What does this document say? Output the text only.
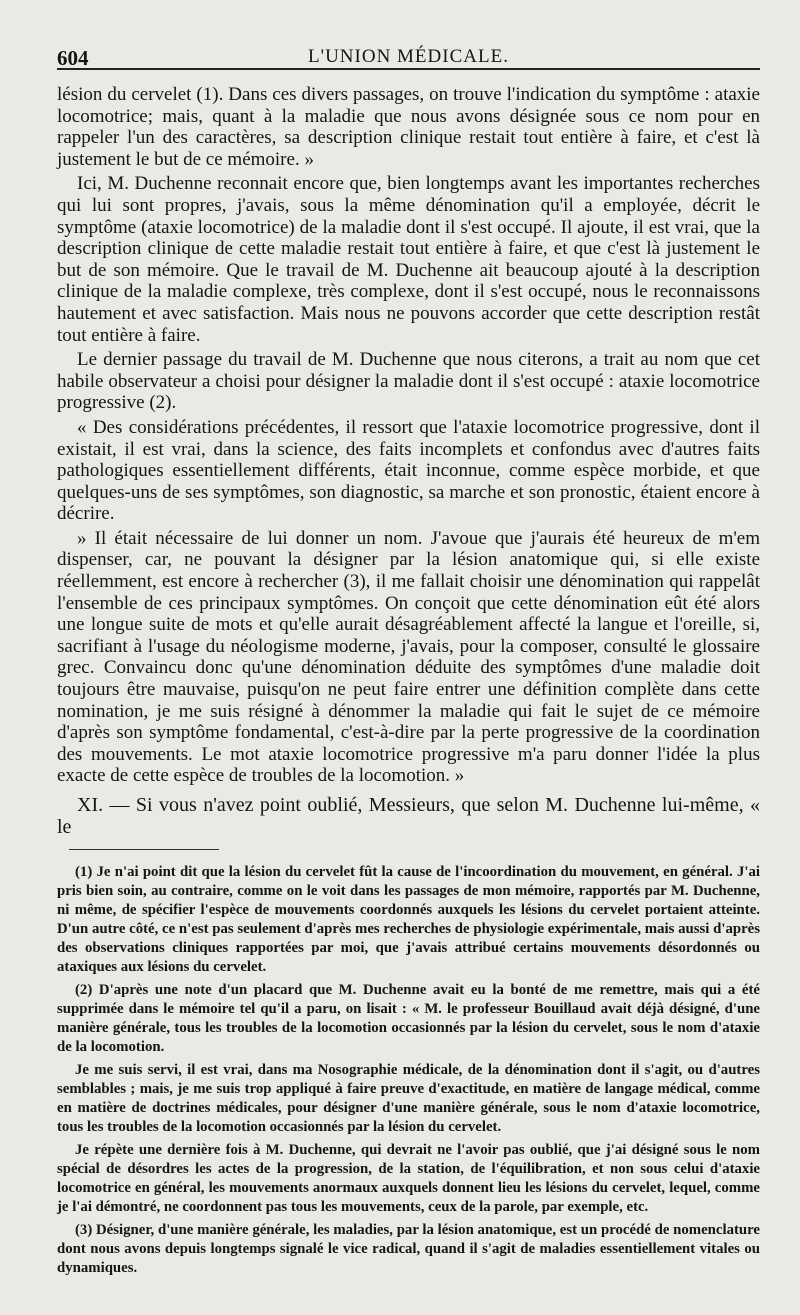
604	L'UNION MÉDICALE.

lésion du cervelet (1). Dans ces divers passages, on trouve l'indication du symptôme : ataxie locomotrice; mais, quant à la maladie que nous avons désignée sous ce nom pour en rappeler l'un des caractères, sa description clinique restait tout entière à faire, et c'est là justement le but de ce mémoire. »

Ici, M. Duchenne reconnait encore que, bien longtemps avant les importantes recherches qui lui sont propres, j'avais, sous la même dénomination qu'il a employée, décrit le symptôme (ataxie locomotrice) de la maladie dont il s'est occupé. Il ajoute, il est vrai, que la description clinique de cette maladie restait tout entière à faire, et que c'est là justement le but de son mémoire. Que le travail de M. Duchenne ait beaucoup ajouté à la description clinique de la maladie complexe, très complexe, dont il s'est occupé, nous le reconnaissons hautement et avec satisfaction. Mais nous ne pouvons accorder que cette description restât tout entière à faire.

Le dernier passage du travail de M. Duchenne que nous citerons, a trait au nom que cet habile observateur a choisi pour désigner la maladie dont il s'est occupé : ataxie locomotrice progressive (2).

« Des considérations précédentes, il ressort que l'ataxie locomotrice progressive, dont il existait, il est vrai, dans la science, des faits incomplets et confondus avec d'autres faits pathologiques essentiellement différents, était inconnue, comme espèce morbide, et que quelques-uns de ses symptômes, son diagnostic, sa marche et son pronostic, étaient encore à décrire.

» Il était nécessaire de lui donner un nom. J'avoue que j'aurais été heureux de m'em dispenser, car, ne pouvant la désigner par la lésion anatomique qui, si elle existe réellemment, est encore à rechercher (3), il me fallait choisir une dénomination qui rappelât l'ensemble de ces principaux symptômes. On conçoit que cette dénomination eût été alors une longue suite de mots et qu'elle aurait désagréablement affecté la langue et l'oreille, si, sacrifiant à l'usage du néologisme moderne, j'avais, pour la composer, consulté le glossaire grec. Convaincu donc qu'une dénomination déduite des symptômes d'une maladie doit toujours être mauvaise, puisqu'on ne peut faire entrer une définition complète dans cette nomination, je me suis résigné à dénommer la maladie qui fait le sujet de ce mémoire d'après son symptôme fondamental, c'est-à-dire par la perte progressive de la coordination des mouvements. Le mot ataxie locomotrice progressive m'a paru donner l'idée la plus exacte de cette espèce de troubles de la locomotion. »

XI. — Si vous n'avez point oublié, Messieurs, que selon M. Duchenne lui-même, « le

(1) Je n'ai point dit que la lésion du cervelet fût la cause de l'incoordination du mouvement, en général. J'ai pris bien soin, au contraire, comme on le voit dans les passages de mon mémoire, rapportés par M. Duchenne, ni même, de spécifier l'espèce de mouvements coordonnés auxquels les lésions du cervelet portaient atteinte. D'un autre côté, ce n'est pas seulement d'après mes recherches de physiologie expérimentale, mais aussi d'après des observations cliniques rapportées par moi, que j'avais attribué certains mouvements désordonnés ou ataxiques aux lésions du cervelet.

(2) D'après une note d'un placard que M. Duchenne avait eu la bonté de me remettre, mais qui a été supprimée dans le mémoire tel qu'il a paru, on lisait : « M. le professeur Bouillaud avait déjà désigné, d'une manière générale, tous les troubles de la locomotion occasionnés par la lésion du cervelet, sous le nom d'ataxie de la locomotion.

Je me suis servi, il est vrai, dans ma Nosographie médicale, de la dénomination dont il s'agit, ou d'autres semblables ; mais, je me suis trop appliqué à faire preuve d'exactitude, en matière de langage médical, comme en matière de doctrines médicales, pour désigner d'une manière générale, sous le nom d'ataxie locomotrice, tous les troubles de la locomotion occasionnés par la lésion du cervelet.

Je répète une dernière fois à M. Duchenne, qui devrait ne l'avoir pas oublié, que j'ai désigné sous le nom spécial de désordres les actes de la progression, de la station, de l'équilibration, et non sous celui d'ataxie locomotrice en général, les mouvements anormaux auxquels donnent lieu les lésions du cervelet, lequel, comme je l'ai démontré, ne coordonnent pas tous les mouvements, ceux de la parole, par exemple, etc.

(3) Désigner, d'une manière générale, les maladies, par la lésion anatomique, est un procédé de nomenclature dont nous avons depuis longtemps signalé le vice radical, quand il s'agit de maladies essentiellement vitales ou dynamiques.
